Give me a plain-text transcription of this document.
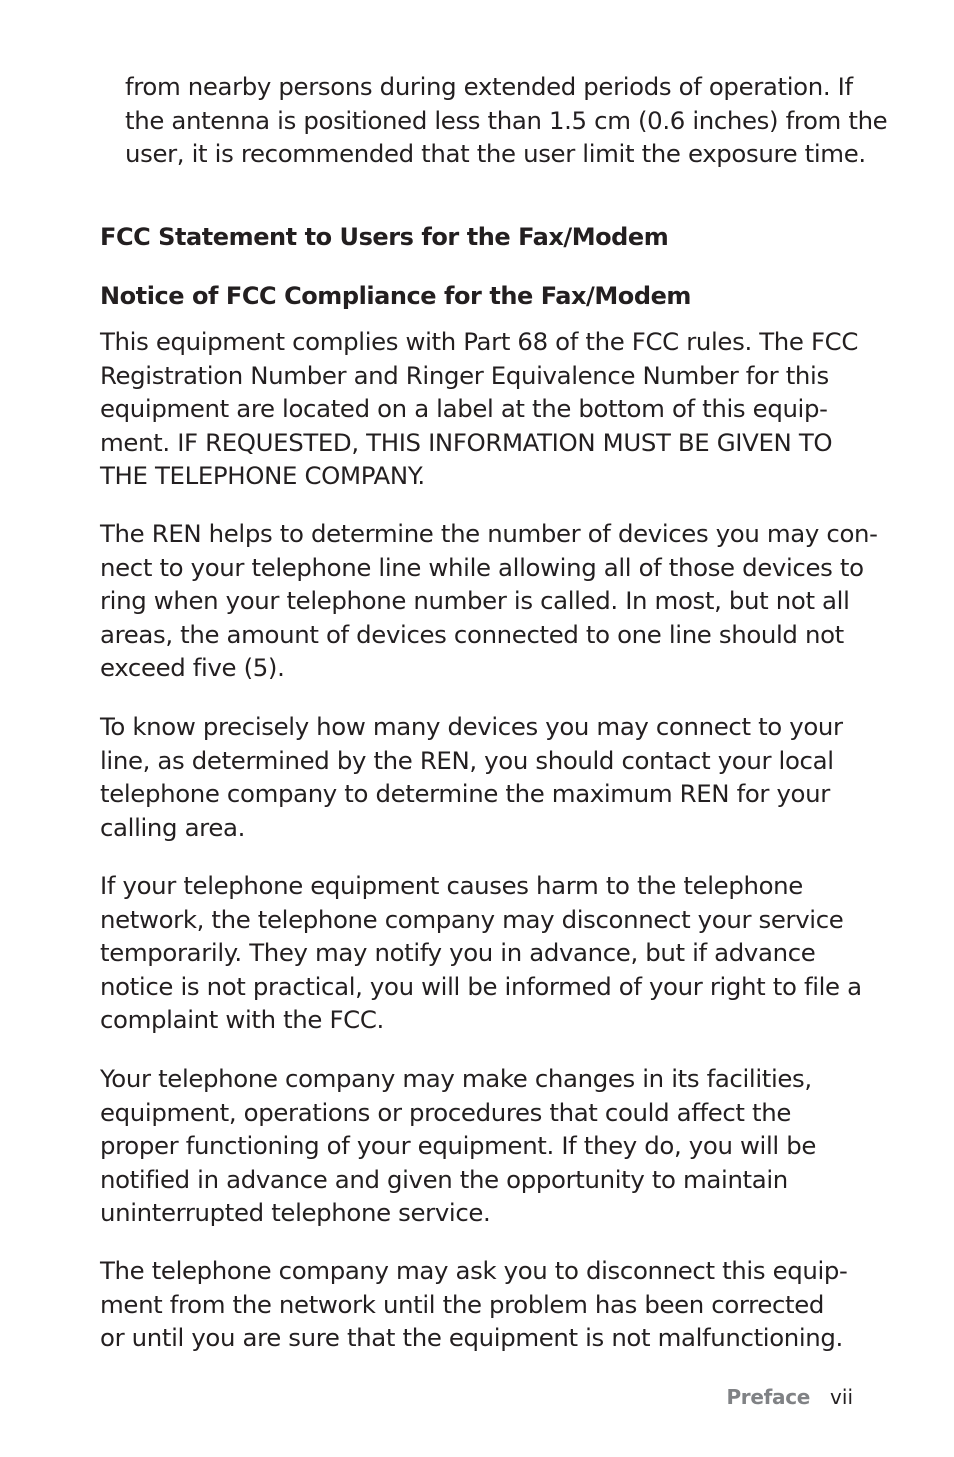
from nearby persons during extended periods of operation. If
the antenna is positioned less than 1.5 cm (0.6 inches) from the
user, it is recommended that the user limit the exposure time.
FCC Statement to Users for the Fax/Modem
Notice of FCC Compliance for the Fax/Modem
This equipment complies with Part 68 of the FCC rules. The FCC
Registration Number and Ringer Equivalence Number for this
equipment are located on a label at the bottom of this equip-
ment. IF REQUESTED, THIS INFORMATION MUST BE GIVEN TO
THE TELEPHONE COMPANY.
The REN helps to determine the number of devices you may con-
nect to your telephone line while allowing all of those devices to
ring when your telephone number is called. In most, but not all
areas, the amount of devices connected to one line should not
exceed five (5).
To know precisely how many devices you may connect to your
line, as determined by the REN, you should contact your local
telephone company to determine the maximum REN for your
calling area.
If your telephone equipment causes harm to the telephone
network, the telephone company may disconnect your service
temporarily. They may notify you in advance, but if advance
notice is not practical, you will be informed of your right to file a
complaint with the FCC.
Your telephone company may make changes in its facilities,
equipment, operations or procedures that could affect the
proper functioning of your equipment. If they do, you will be
notified in advance and given the opportunity to maintain
uninterrupted telephone service.
The telephone company may ask you to disconnect this equip-
ment from the network until the problem has been corrected
or until you are sure that the equipment is not malfunctioning.
Preface vii
